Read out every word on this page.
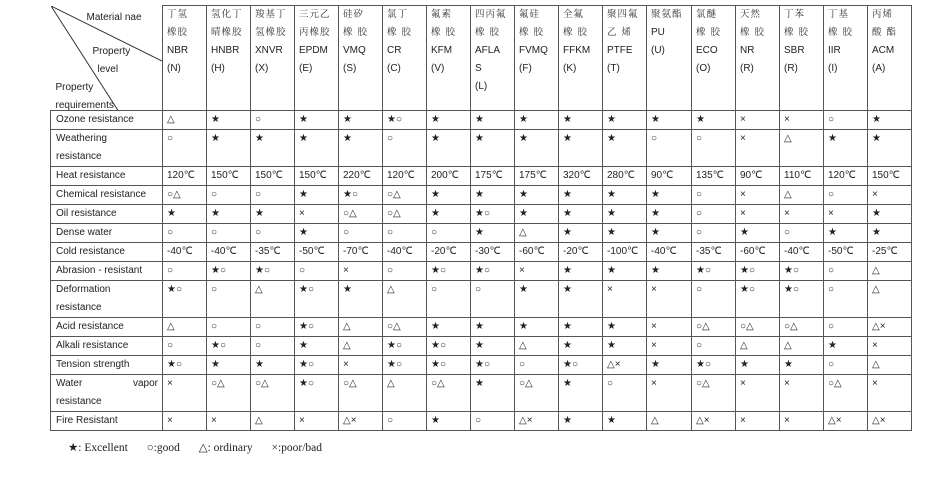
Material nae
Property
level
Property
requirements	丁氢
橡胶
NBR
(N)	氢化丁
晴橡胶
HNBR
(H)	羧基丁
氢橡胶
XNVR
(X)	三元乙
丙橡胶
EPDM
(E)	硅矽
橡 胶
VMQ
(S)	氯丁
橡 胶
CR
(C)	氟素
橡 胶
KFM
(V)	四丙氟
橡 胶
AFLA
S
(L)	氟硅
橡 胶
FVMQ
(F)	全氟
橡 胶
FFKM
(K)	聚四氟
乙 烯
PTFE
(T)	聚氨酯
PU
(U)	氯醚
橡 胶
ECO
(O)	天然
橡 胶
NR
(R)	丁苯
橡 胶
SBR
(R)	丁基
橡 胶
IIR
(I)	丙烯
酸 酯
ACM
(A)

Ozone resistance	△	★	○	★	★	★○	★	★	★	★	★	★	★	×	×	○	★

Weathering resistance	○	★	★	★	★	○	★	★	★	★	★	○	○	×	△	★	★
Heat resistance	120℃	150℃	150℃	150℃	220℃	120℃	200℃	175℃	175℃	320℃	280℃	90℃	135℃	90℃	110℃	120℃	150℃
Chemical resistance	○△	○	○	★	★○	○△	★	★	★	★	★	★	○	×	△	○	×
Oil resistance	★	★	★	×	○△	○△	★	★○	★	★	★	★	○	×	×	×	★
Dense water	○	○	○	★	○	○	○	★	△	★	★	★	○	★	○	★	★
Cold resistance	-40℃	-40℃	-35℃	-50℃	-70℃	-40℃	-20℃	-30℃	-60℃	-20℃	-100℃	-40℃	-35℃	-60℃	-40℃	-50℃	-25℃
Abrasion - resistant	○	★○	★○	○	×	○	★○	★○	×	★	★	★	★○	★○	★○	○	△

Deformation resistance	★○	○	△	★○	★	△	○	○	★	★	×	×	○	★○	★○	○	△
Acid resistance	△	○	○	★○	△	○△	★	★	★	★	★	×	○△	○△	○△	○	△×
Alkali resistance	○	★○	○	★	△	★○	★○	★	△	★	★	×	○	△	△	★	×
Tension strength	★○	★	★	★○	×	★○	★○	★○	○	★○	△×	★	★○	★	★	○	△

Water vapor
resistance	×	○△	○△	★○	○△	△	○△	★	○△	★	○	×	○△	×	×	○△	×
Fire Resistant	×	×	△	×	△×	○	★	○	△×	★	★	△	△×	×	×	△×	△×
★: Excellent ○:good △: ordinary ×:poor/bad
